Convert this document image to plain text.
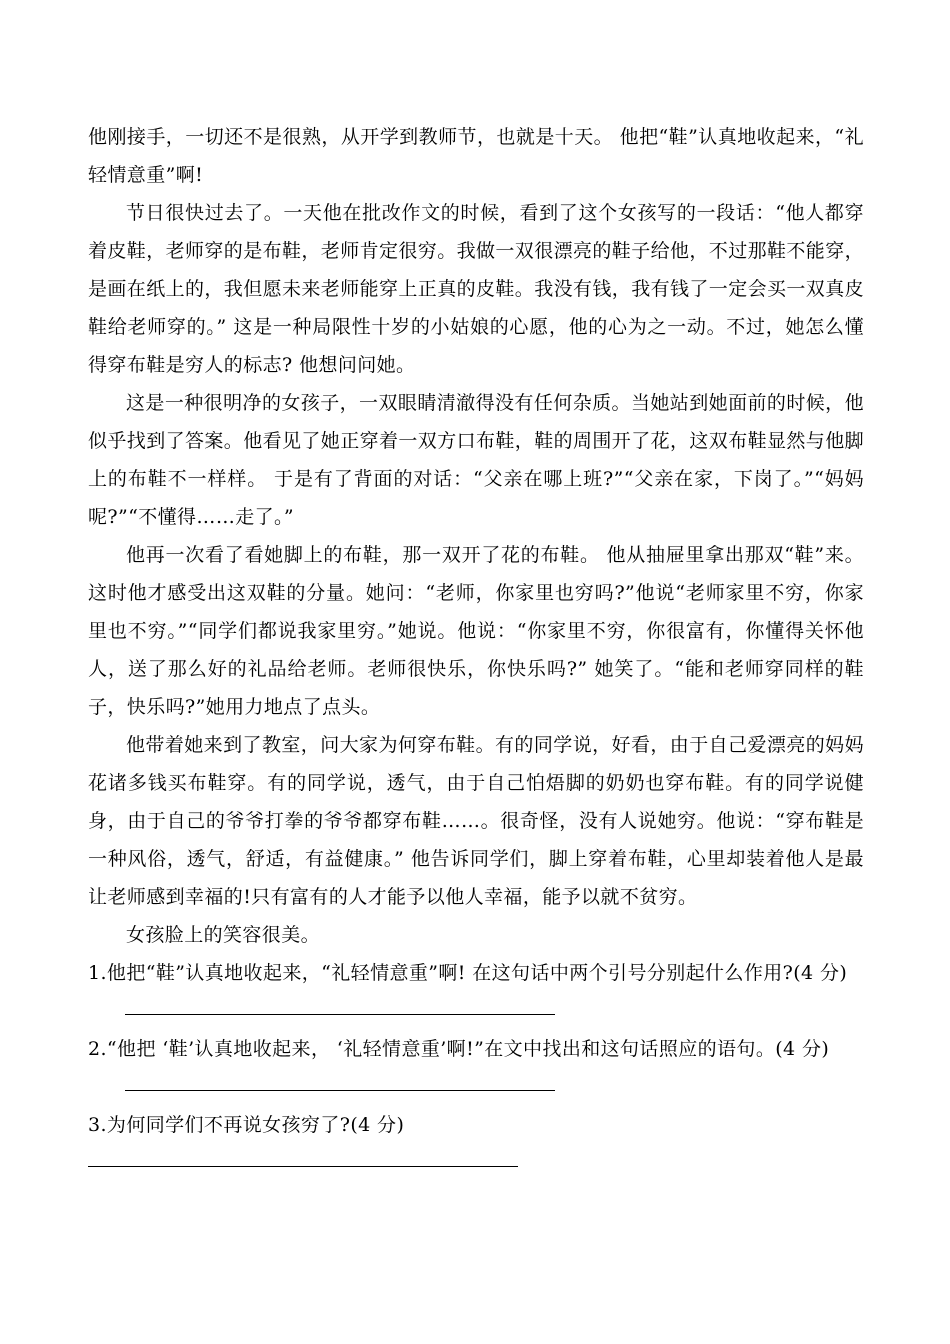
他刚接手，一切还不是很熟，从开学到教师节，也就是十天。 他把“鞋”认真地收起来，“礼轻情意重”啊!

节日很快过去了。一天他在批改作文的时候，看到了这个女孩写的一段话：“他人都穿着皮鞋，老师穿的是布鞋，老师肯定很穷。我做一双很漂亮的鞋子给他，不过那鞋不能穿，是画在纸上的，我但愿未来老师能穿上正真的皮鞋。我没有钱，我有钱了一定会买一双真皮鞋给老师穿的。” 这是一种局限性十岁的小姑娘的心愿，他的心为之一动。不过，她怎么懂得穿布鞋是穷人的标志? 他想问问她。

这是一种很明净的女孩子，一双眼睛清澈得没有任何杂质。当她站到她面前的时候，他似乎找到了答案。他看见了她正穿着一双方口布鞋，鞋的周围开了花，这双布鞋显然与他脚上的布鞋不一样样。 于是有了背面的对话：“父亲在哪上班?”“父亲在家，下岗了。”“妈妈呢?”“不懂得……走了。”

他再一次看了看她脚上的布鞋，那一双开了花的布鞋。 他从抽屉里拿出那双“鞋”来。这时他才感受出这双鞋的分量。她问：“老师，你家里也穷吗?”他说“老师家里不穷，你家里也不穷。”“同学们都说我家里穷。”她说。他说：“你家里不穷，你很富有，你懂得关怀他人，送了那么好的礼品给老师。老师很快乐，你快乐吗?” 她笑了。“能和老师穿同样的鞋子，快乐吗?”她用力地点了点头。

他带着她来到了教室，问大家为何穿布鞋。有的同学说，好看，由于自己爱漂亮的妈妈花诸多钱买布鞋穿。有的同学说，透气，由于自己怕焐脚的奶奶也穿布鞋。有的同学说健身，由于自己的爷爷打拳的爷爷都穿布鞋……。很奇怪，没有人说她穷。他说：“穿布鞋是一种风俗，透气，舒适，有益健康。” 他告诉同学们，脚上穿着布鞋，心里却装着他人是最让老师感到幸福的!只有富有的人才能予以他人幸福，能予以就不贫穷。

女孩脸上的笑容很美。

1.他把“鞋”认真地收起来，“礼轻情意重”啊! 在这句话中两个引号分别起什么作用?(4 分)

2.“他把 ‘鞋’认真地收起来， ‘礼轻情意重’啊!”在文中找出和这句话照应的语句。(4 分)

3.为何同学们不再说女孩穷了?(4 分)
